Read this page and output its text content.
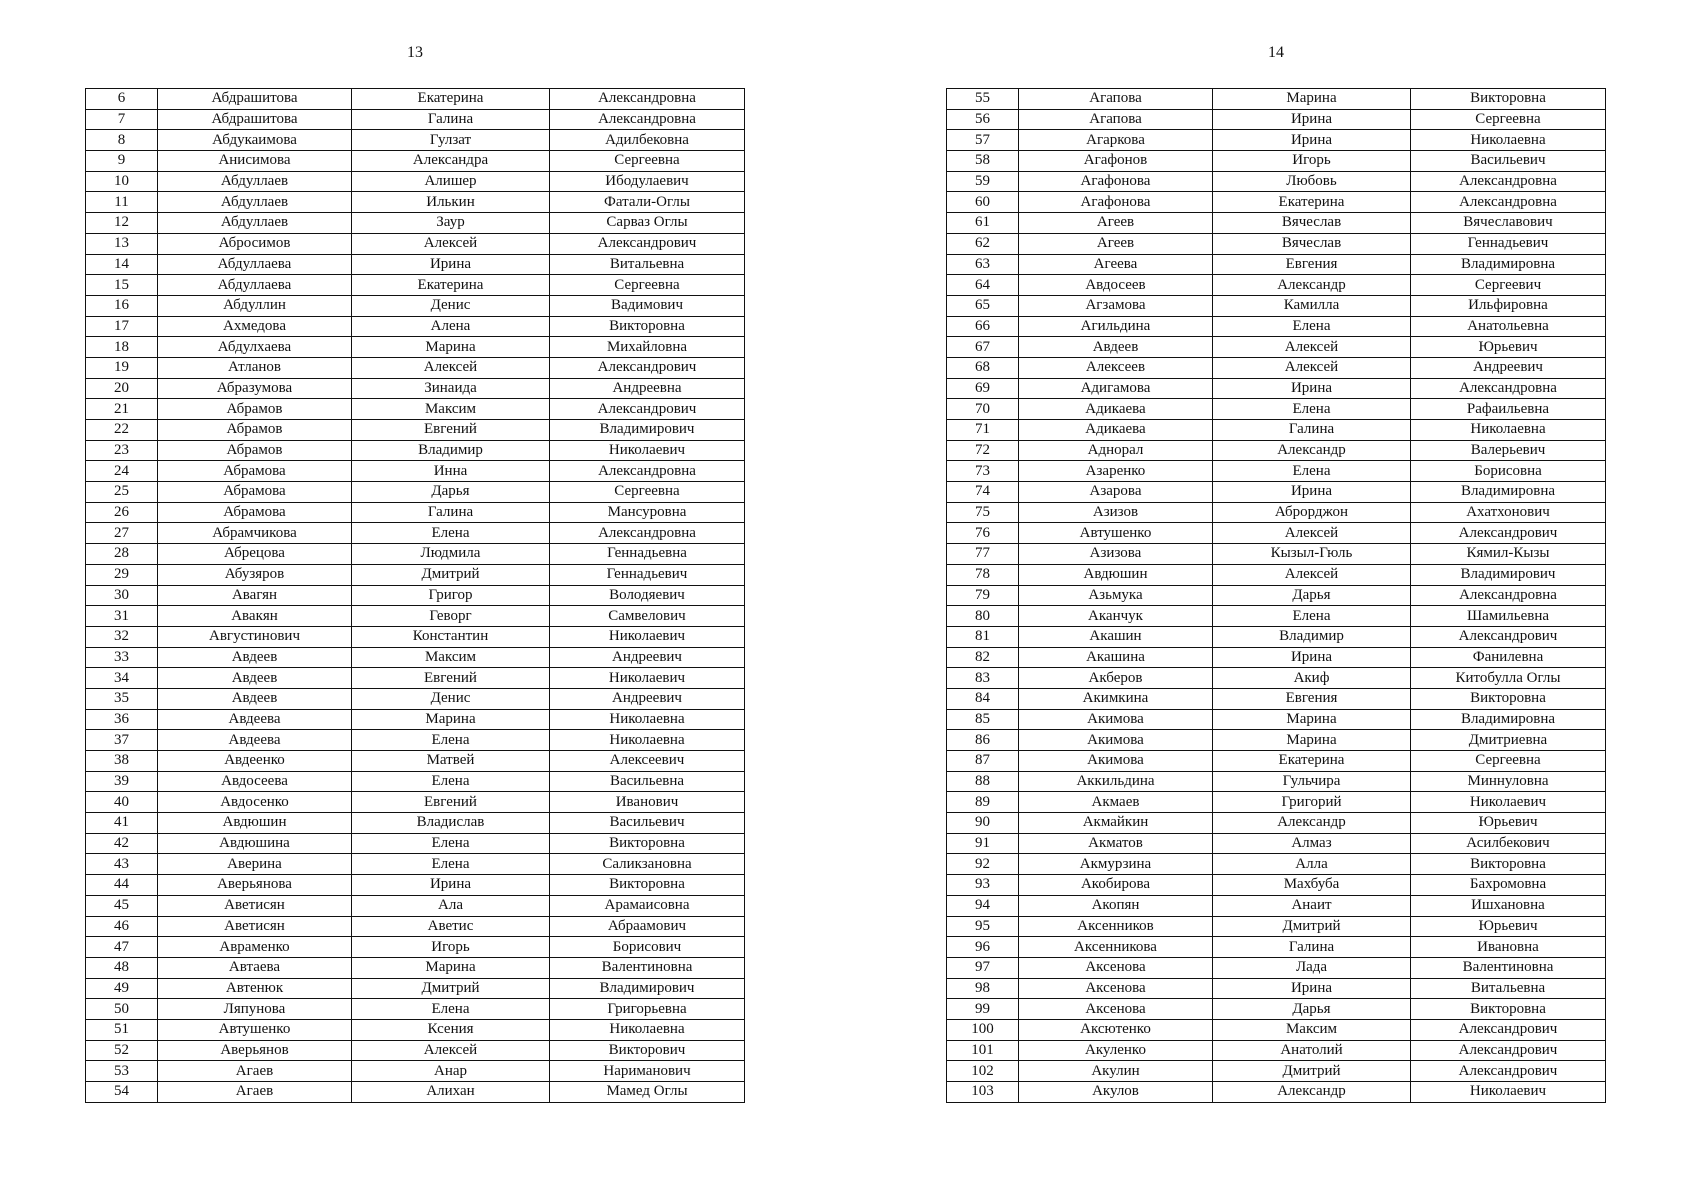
13
6	Абдрашитова	Екатерина	Александровна
7	Абдрашитова	Галина	Александровна
8	Абдукаимова	Гулзат	Адилбековна
9	Анисимова	Александра	Сергеевна
10	Абдуллаев	Алишер	Ибодулаевич
11	Абдуллаев	Илькин	Фатали-Оглы
12	Абдуллаев	Заур	Сарваз Оглы
13	Абросимов	Алексей	Александрович
14	Абдуллаева	Ирина	Витальевна
15	Абдуллаева	Екатерина	Сергеевна
16	Абдуллин	Денис	Вадимович
17	Ахмедова	Алена	Викторовна
18	Абдулхаева	Марина	Михайловна
19	Атланов	Алексей	Александрович
20	Абразумова	Зинаида	Андреевна
21	Абрамов	Максим	Александрович
22	Абрамов	Евгений	Владимирович
23	Абрамов	Владимир	Николаевич
24	Абрамова	Инна	Александровна
25	Абрамова	Дарья	Сергеевна
26	Абрамова	Галина	Мансуровна
27	Абрамчикова	Елена	Александровна
28	Абрецова	Людмила	Геннадьевна
29	Абузяров	Дмитрий	Геннадьевич
30	Авагян	Григор	Володяевич
31	Авакян	Геворг	Самвелович
32	Августинович	Константин	Николаевич
33	Авдеев	Максим	Андреевич
34	Авдеев	Евгений	Николаевич
35	Авдеев	Денис	Андреевич
36	Авдеева	Марина	Николаевна
37	Авдеева	Елена	Николаевна
38	Авдеенко	Матвей	Алексеевич
39	Авдосеева	Елена	Васильевна
40	Авдосенко	Евгений	Иванович
41	Авдюшин	Владислав	Васильевич
42	Авдюшина	Елена	Викторовна
43	Аверина	Елена	Саликзановна
44	Аверьянова	Ирина	Викторовна
45	Аветисян	Ала	Арамаисовна
46	Аветисян	Аветис	Абраамович
47	Авраменко	Игорь	Борисович
48	Автаева	Марина	Валентиновна
49	Автенюк	Дмитрий	Владимирович
50	Ляпунова	Елена	Григорьевна
51	Автушенко	Ксения	Николаевна
52	Аверьянов	Алексей	Викторович
53	Агаев	Анар	Нариманович
54	Агаев	Алихан	Мамед Оглы
14
55	Агапова	Марина	Викторовна
56	Агапова	Ирина	Сергеевна
57	Агаркова	Ирина	Николаевна
58	Агафонов	Игорь	Васильевич
59	Агафонова	Любовь	Александровна
60	Агафонова	Екатерина	Александровна
61	Агеев	Вячеслав	Вячеславович
62	Агеев	Вячеслав	Геннадьевич
63	Агеева	Евгения	Владимировна
64	Авдосеев	Александр	Сергеевич
65	Агзамова	Камилла	Ильфировна
66	Агильдина	Елена	Анатольевна
67	Авдеев	Алексей	Юрьевич
68	Алексеев	Алексей	Андреевич
69	Адигамова	Ирина	Александровна
70	Адикаева	Елена	Рафаильевна
71	Адикаева	Галина	Николаевна
72	Аднорал	Александр	Валерьевич
73	Азаренко	Елена	Борисовна
74	Азарова	Ирина	Владимировна
75	Азизов	Аброрджон	Ахатхонович
76	Автушенко	Алексей	Александрович
77	Азизова	Кызыл-Гюль	Кямил-Кызы
78	Авдюшин	Алексей	Владимирович
79	Азьмука	Дарья	Александровна
80	Аканчук	Елена	Шамильевна
81	Акашин	Владимир	Александрович
82	Акашина	Ирина	Фанилевна
83	Акберов	Акиф	Китобулла Оглы
84	Акимкина	Евгения	Викторовна
85	Акимова	Марина	Владимировна
86	Акимова	Марина	Дмитриевна
87	Акимова	Екатерина	Сергеевна
88	Аккильдина	Гульчира	Миннуловна
89	Акмаев	Григорий	Николаевич
90	Акмайкин	Александр	Юрьевич
91	Акматов	Алмаз	Асилбекович
92	Акмурзина	Алла	Викторовна
93	Акобирова	Махбуба	Бахромовна
94	Акопян	Анаит	Ишхановна
95	Аксенников	Дмитрий	Юрьевич
96	Аксенникова	Галина	Ивановна
97	Аксенова	Лада	Валентиновна
98	Аксенова	Ирина	Витальевна
99	Аксенова	Дарья	Викторовна
100	Аксютенко	Максим	Александрович
101	Акуленко	Анатолий	Александрович
102	Акулин	Дмитрий	Александрович
103	Акулов	Александр	Николаевич
